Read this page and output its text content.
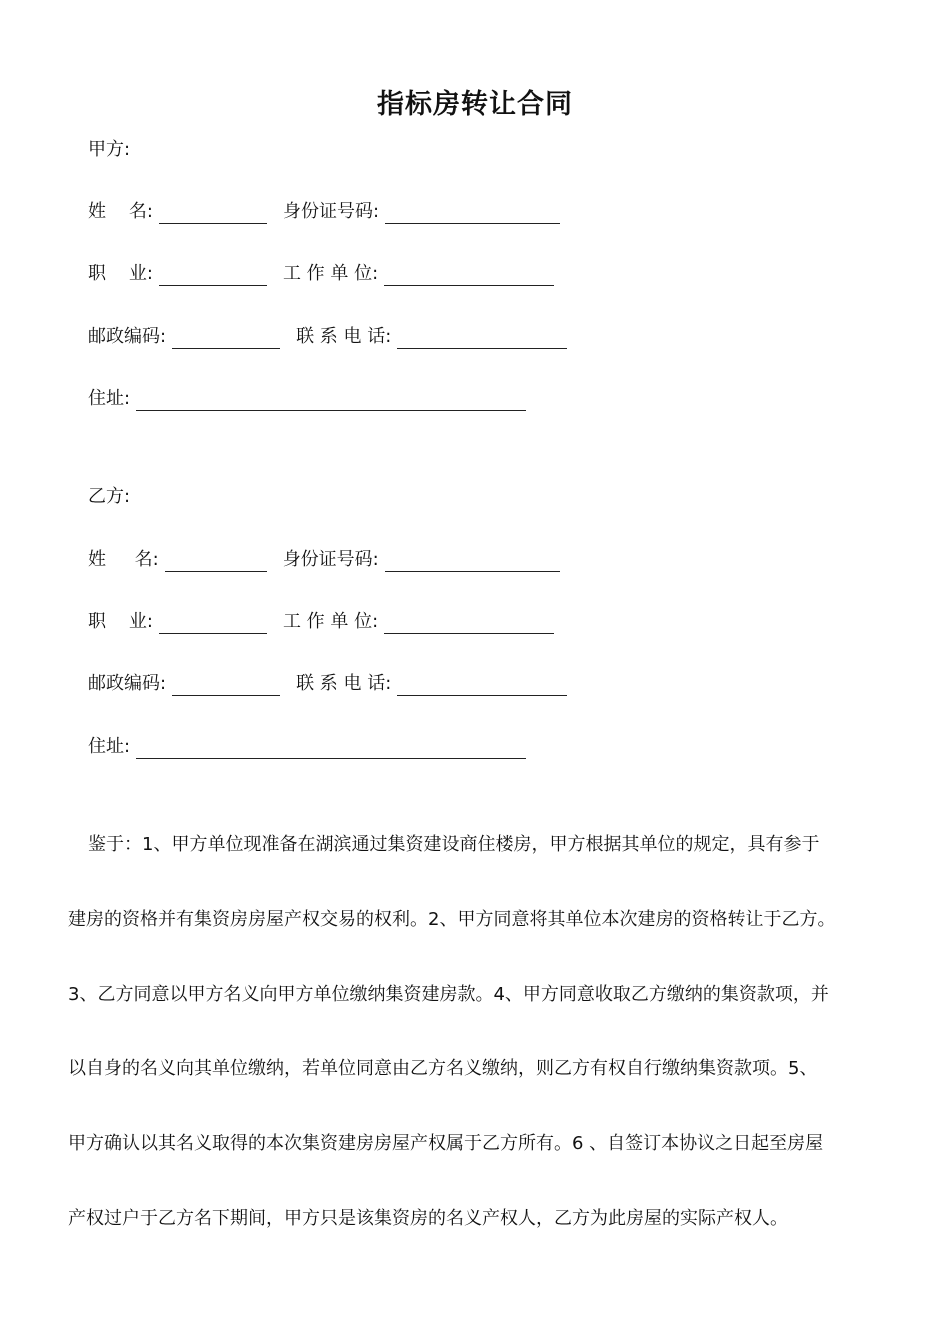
指标房转让合同
甲方:
姓    名:	身份证号码:
职    业:	工 作 单 位:
邮政编码:	联 系 电 话:
住址:
乙方:
姓     名:	身份证号码:
职    业:	工 作 单 位:
邮政编码:	联 系 电 话:
住址:
鉴于：1、甲方单位现准备在湖滨通过集资建设商住楼房，甲方根据其单位的规定，具有参于
建房的资格并有集资房房屋产权交易的权利。2、甲方同意将其单位本次建房的资格转让于乙方。
3、乙方同意以甲方名义向甲方单位缴纳集资建房款。4、甲方同意收取乙方缴纳的集资款项，并
以自身的名义向其单位缴纳，若单位同意由乙方名义缴纳，则乙方有权自行缴纳集资款项。5、
甲方确认以其名义取得的本次集资建房房屋产权属于乙方所有。6 、自签订本协议之日起至房屋
产权过户于乙方名下期间，甲方只是该集资房的名义产权人，乙方为此房屋的实际产权人。
